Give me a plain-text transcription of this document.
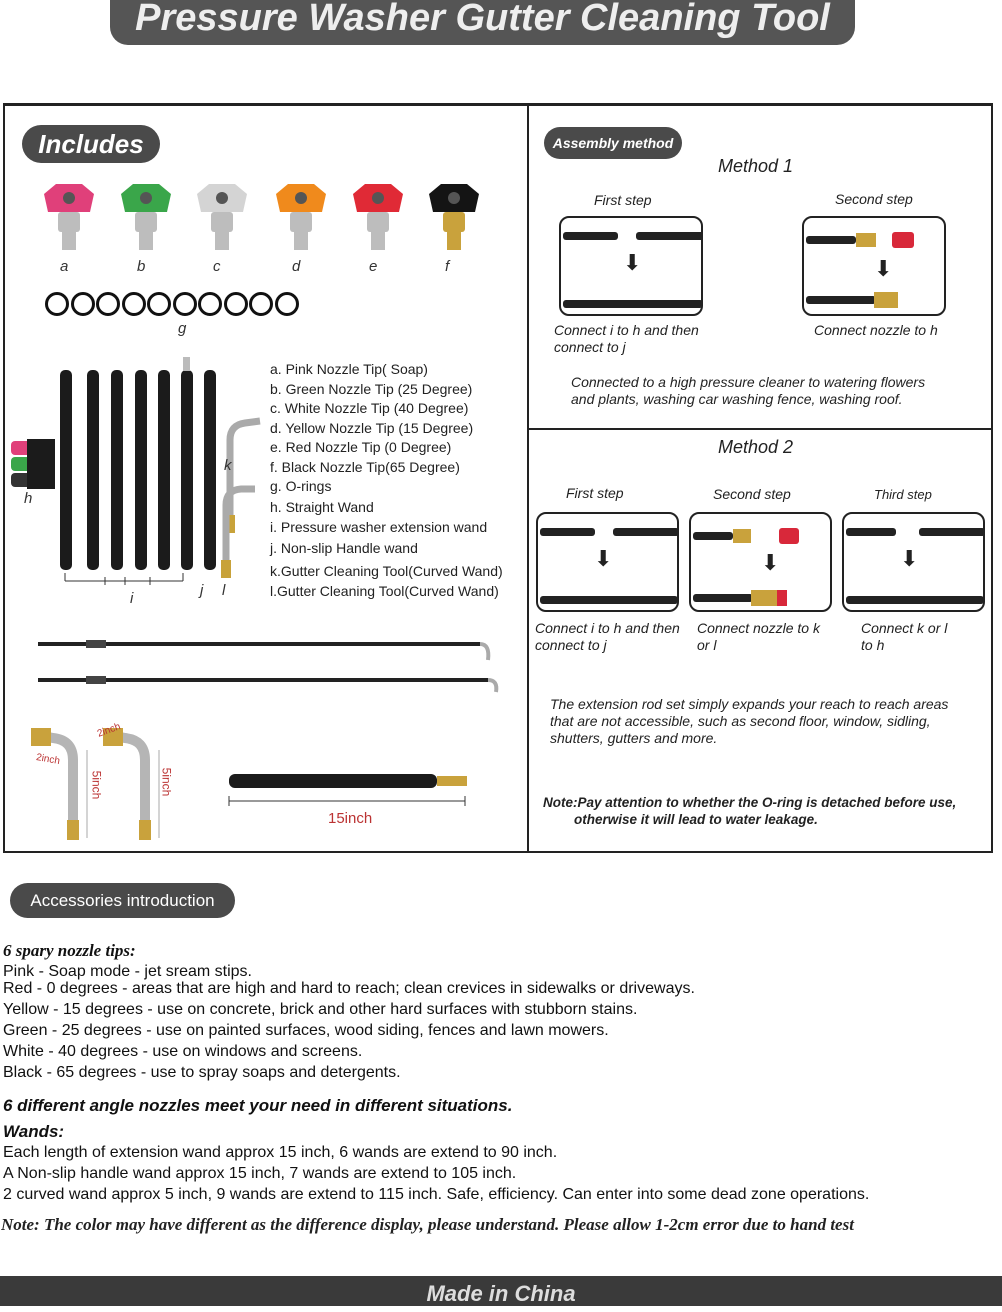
Pressure Washer Gutter Cleaning Tool
Includes
a	b	c	d	e	f
g
h
i	j
k
l
a. Pink Nozzle Tip( Soap)
b. Green Nozzle Tip (25 Degree)
c. White Nozzle Tip (40 Degree)
d. Yellow Nozzle Tip (15 Degree)
e. Red Nozzle Tip (0 Degree)
f. Black Nozzle Tip(65 Degree)
g. O-rings
h. Straight Wand
i. Pressure washer extension wand
j. Non-slip Handle wand
k.Gutter Cleaning Tool(Curved Wand)
l.Gutter Cleaning Tool(Curved Wand)
2inch
2inch
5inch	5inch
15inch
Assembly method
Method 1
First step	Second step
⬇	⬇
Connect i to h and then
connect to j
Connect nozzle to h
Connected to a high pressure cleaner to watering flowers
and plants, washing car washing fence, washing roof.
Method 2
First step	Second step	Third step
⬇	⬇	⬇
Connect i to h and then
connect to j
Connect nozzle to k
or l
Connect k or l
to h
The extension rod set simply expands your reach to reach areas
that are not accessible, such as second floor, window, sidling,
shutters, gutters and more.
Note:Pay attention to whether the O-ring is detached before use,
otherwise it will lead to water leakage.
Accessories introduction
6 spary nozzle tips:
Pink - Soap mode - jet sream stips.
Red - 0 degrees - areas that are high and hard to reach; clean crevices in sidewalks or driveways.
Yellow - 15 degrees - use on concrete, brick and other hard surfaces with stubborn stains.
Green - 25 degrees - use on painted surfaces, wood siding, fences and lawn mowers.
White - 40 degrees - use on windows and screens.
Black - 65 degrees - use to spray soaps and detergents.
6 different angle nozzles meet your need in different situations.
Wands:
Each length of extension wand approx 15 inch, 6 wands are extend to 90 inch.
A Non-slip handle wand approx 15 inch, 7 wands are extend to 105 inch.
2 curved wand approx 5 inch, 9 wands are extend to 115 inch. Safe, efficiency. Can enter into some dead zone operations.
Note: The color may have different as the difference display, please understand. Please allow 1-2cm error due to hand test
Made in China
